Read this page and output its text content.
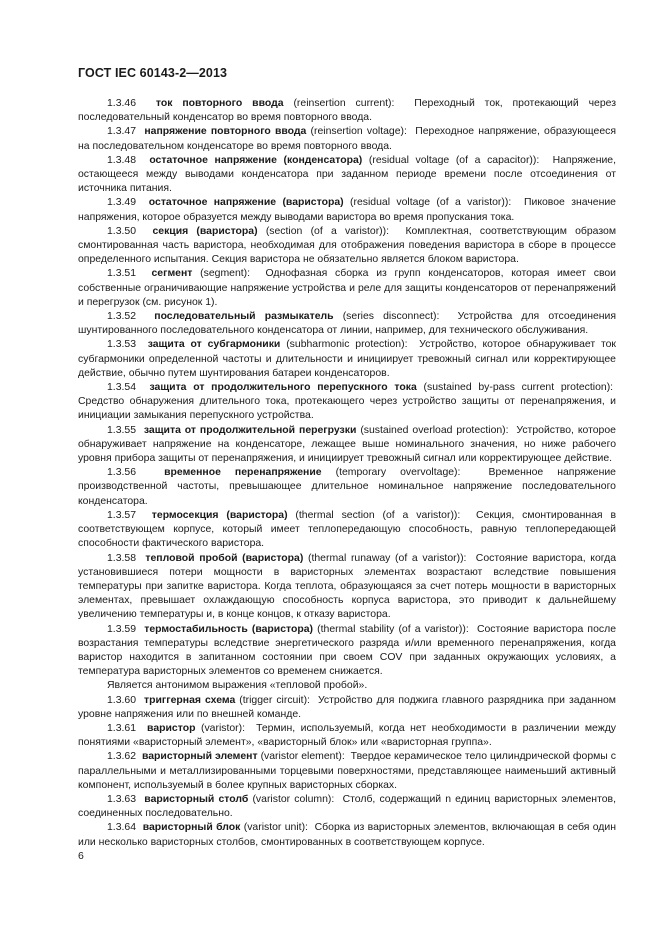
ГОСТ IEC 60143-2—2013

1.3.46 ток повторного ввода (reinsertion current): Переходный ток, протекающий через последовательный конденсатор во время повторного ввода.

1.3.47 напряжение повторного ввода (reinsertion voltage): Переходное напряжение, образующееся на последовательном конденсаторе во время повторного ввода.

1.3.48 остаточное напряжение (конденсатора) (residual voltage (of a capacitor)): Напряжение, остающееся между выводами конденсатора при заданном периоде времени после отсоединения от источника питания.

1.3.49 остаточное напряжение (варистора) (residual voltage (of a varistor)): Пиковое значение напряжения, которое образуется между выводами варистора во время пропускания тока.

1.3.50 секция (варистора) (section (of a varistor)): Комплектная, соответствующим образом смонтированная часть варистора, необходимая для отображения поведения варистора в сборе в процессе определенного испытания. Секция варистора не обязательно является блоком варистора.

1.3.51 сегмент (segment): Однофазная сборка из групп конденсаторов, которая имеет свои собственные ограничивающие напряжение устройства и реле для защиты конденсаторов от перенапряжений и перегрузок (см. рисунок 1).

1.3.52 последовательный размыкатель (series disconnect): Устройства для отсоединения шунтированного последовательного конденсатора от линии, например, для технического обслуживания.

1.3.53 защита от субгармоники (subharmonic protection): Устройство, которое обнаруживает ток субгармоники определенной частоты и длительности и инициирует тревожный сигнал или корректирующее действие, обычно путем шунтирования батареи конденсаторов.

1.3.54 защита от продолжительного перепускного тока (sustained by-pass current protection):  Средство обнаружения длительного тока, протекающего через устройство защиты от перенапряжения, и инициации замыкания перепускного устройства.

1.3.55 защита от продолжительной перегрузки (sustained overload protection): Устройство, которое обнаруживает напряжение на конденсаторе, лежащее выше номинального значения, но ниже рабочего уровня прибора защиты от перенапряжения, и инициирует тревожный сигнал или корректирующее действие.

1.3.56	временное перенапряжение (temporary overvoltage):	Временное напряжение производственной частоты, превышающее длительное номинальное напряжение последовательного конденсатора.

1.3.57 термосекция (варистора) (thermal section (of a varistor)): Секция, смонтированная в соответствующем корпусе, который имеет теплопередающую способность, равную теплопередающей способности фактического варистора.

1.3.58 тепловой пробой (варистора) (thermal runaway (of a varistor)): Состояние варистора, когда установившиеся потери мощности в варисторных элементах возрастают вследствие повышения температуры при запитке варистора. Когда теплота, образующаяся за счет потерь мощности в варисторных элементах, превышает охлаждающую способность корпуса варистора, это приводит к дальнейшему увеличению температуры и, в конце концов, к отказу варистора.

1.3.59 термостабильность (варистора) (thermal stability (of a varistor)): Состояние варистора после возрастания температуры вследствие энергетического разряда и/или временного перенапряжения, когда варистор находится в запитанном состоянии при своем COV при заданных окружающих условиях, а температура варисторных элементов со временем снижается.

Является антонимом выражения «тепловой пробой».

1.3.60 триггерная схема (trigger circuit): Устройство для поджига главного разрядника при заданном уровне напряжения или по внешней команде.

1.3.61 варистор (varistor): Термин, используемый, когда нет необходимости в различении между понятиями «варисторный элемент», «варисторный блок» или «варисторная группа».

1.3.62 варисторный элемент (varistor element): Твердое керамическое тело цилиндрической формы с параллельными и металлизированными торцевыми поверхностями, представляющее наименьший активный компонент, используемый в более крупных варисторных сборках.

1.3.63 варисторный столб (varistor column): Столб, содержащий n единиц варисторных элементов, соединенных последовательно.

1.3.64 варисторный блок (varistor unit): Сборка из варисторных элементов, включающая в себя один или несколько варисторных столбов, смонтированных в соответствующем корпусе.

6
